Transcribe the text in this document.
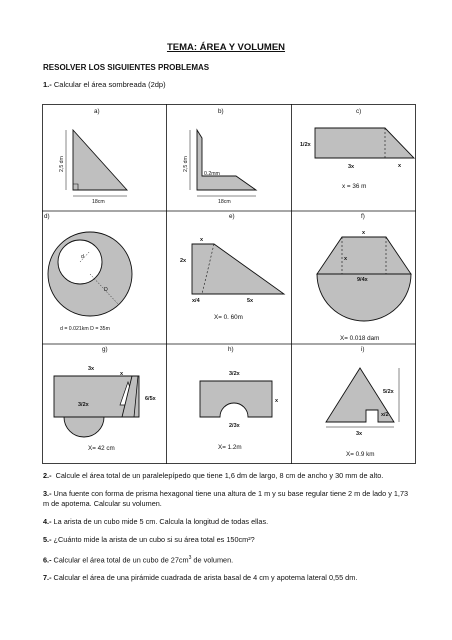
TEMA: ÁREA Y VOLUMEN
RESOLVER LOS SIGUIENTES PROBLEMAS
1.- Calcular el área sombreada (2dp)
a)
2,5 dm
18cm
b)
2,5 dm
0.2mm
18cm
c)
1/2x
3x	x
x = 36 m
d)
d
D
d = 0.021km D = 35m
e)
x
2x
x/4	5x
X= 0. 60m
f)
x
x
9/4x
X= 0.018 dam
g)
3x
x
3/2x
6/5x
X= 42 cm
h)
3/2x
x
2/3x
X= 1.2m
i)
5/2x
x/2
3x
X= 0.9 km
2.- Calcule el área total de un paralelepípedo que tiene 1,6 dm de largo, 8 cm de ancho y 30 mm de alto.
3.- Una fuente con forma de prisma hexagonal tiene una altura de 1 m y su base regular tiene 2 m de lado y 1,73 m de apotema. Calcular su volumen.
4.- La arista de un cubo mide 5 cm. Calcula la longitud de todas ellas.
5.- ¿Cuánto mide la arista de un cubo si su área total es 150cm²?
6.- Calcular el área total de un cubo de $27cm^3$ de volumen.
7.- Calcular el área de una pirámide cuadrada de arista basal de 4 cm y apotema lateral 0,55 dm.
